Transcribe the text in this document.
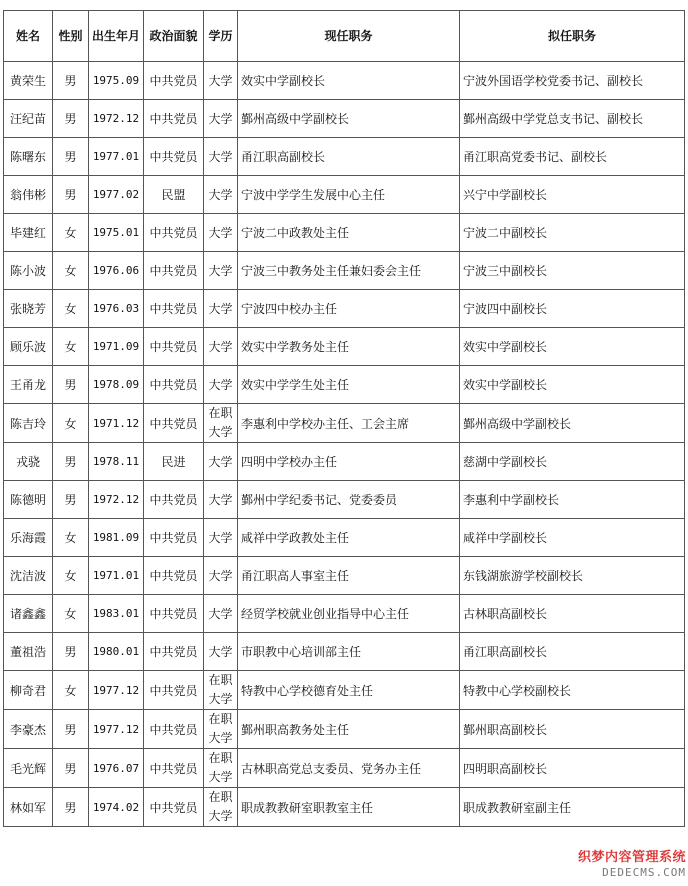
姓名	性别	出生年月	政治面貌	学历	现任职务	拟任职务
黄荣生	男	1975.09	中共党员	大学	效实中学副校长	宁波外国语学校党委书记、副校长
汪纪苗	男	1972.12	中共党员	大学	鄞州高级中学副校长	鄞州高级中学党总支书记、副校长
陈曙东	男	1977.01	中共党员	大学	甬江职高副校长	甬江职高党委书记、副校长
翁伟彬	男	1977.02	民盟	大学	宁波中学学生发展中心主任	兴宁中学副校长
毕建红	女	1975.01	中共党员	大学	宁波二中政教处主任	宁波二中副校长
陈小波	女	1976.06	中共党员	大学	宁波三中教务处主任兼妇委会主任	宁波三中副校长
张晓芳	女	1976.03	中共党员	大学	宁波四中校办主任	宁波四中副校长
顾乐波	女	1971.09	中共党员	大学	效实中学教务处主任	效实中学副校长
王甬龙	男	1978.09	中共党员	大学	效实中学学生处主任	效实中学副校长
陈吉玲	女	1971.12	中共党员	在职大学	李惠利中学校办主任、工会主席	鄞州高级中学副校长
戎骁	男	1978.11	民进	大学	四明中学校办主任	慈湖中学副校长
陈德明	男	1972.12	中共党员	大学	鄞州中学纪委书记、党委委员	李惠利中学副校长
乐海霞	女	1981.09	中共党员	大学	咸祥中学政教处主任	咸祥中学副校长
沈洁波	女	1971.01	中共党员	大学	甬江职高人事室主任	东钱湖旅游学校副校长
诸鑫鑫	女	1983.01	中共党员	大学	经贸学校就业创业指导中心主任	古林职高副校长
董祖浩	男	1980.01	中共党员	大学	市职教中心培训部主任	甬江职高副校长
柳奇君	女	1977.12	中共党员	在职大学	特教中心学校德育处主任	特教中心学校副校长
李豪杰	男	1977.12	中共党员	在职大学	鄞州职高教务处主任	鄞州职高副校长
毛光辉	男	1976.07	中共党员	在职大学	古林职高党总支委员、党务办主任	四明职高副校长
林如军	男	1974.02	中共党员	在职大学	职成教教研室职教室主任	职成教教研室副主任
织梦内容管理系统
DEDECMS.COM
